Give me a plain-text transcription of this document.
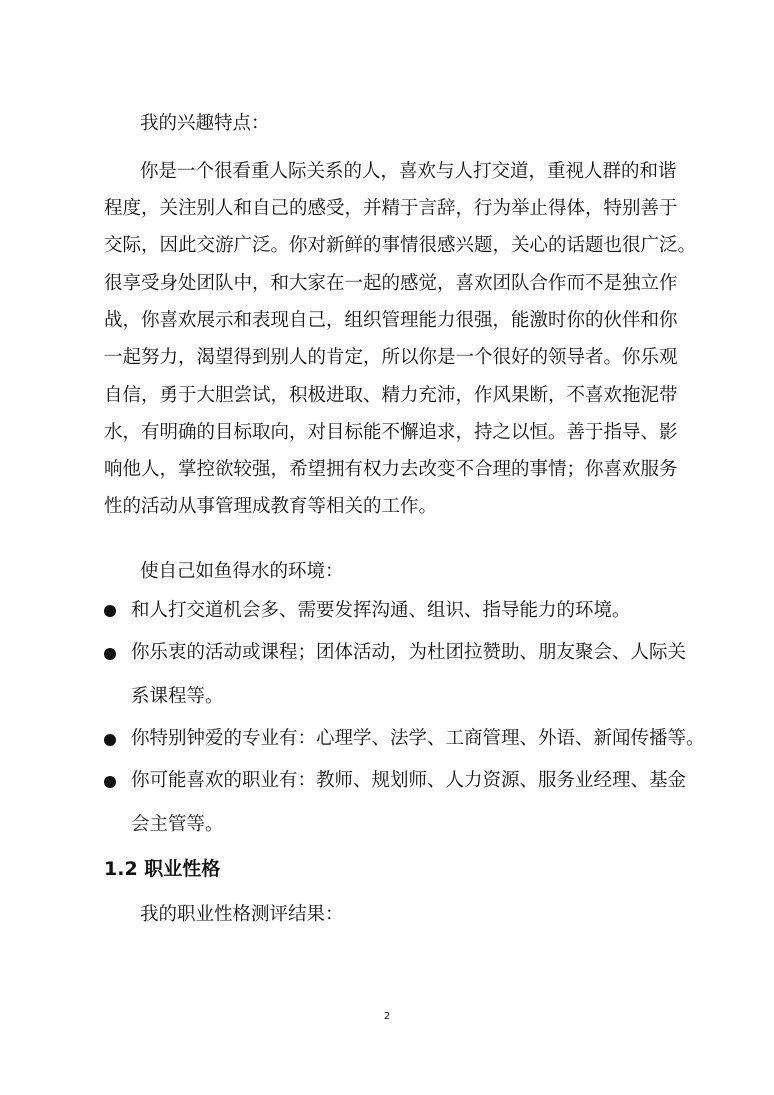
我的兴趣特点：
你是一个很看重人际关系的人，喜欢与人打交道，重视人群的和谐
程度，关注别人和自己的感受，并精于言辞，行为举止得体，特别善于
交际，因此交游广泛。你对新鲜的事情很感兴题，关心的话题也很广泛。
很享受身处团队中，和大家在一起的感觉，喜欢团队合作而不是独立作
战，你喜欢展示和表现自己，组织管理能力很强，能激时你的伙伴和你
一起努力，渴望得到别人的肯定，所以你是一个很好的领导者。你乐观
自信，勇于大胆尝试，积极进取、精力充沛，作风果断，不喜欢拖泥带
水，有明确的目标取向，对目标能不懈追求，持之以恒。善于指导、影
响他人，掌控欲较强，希望拥有权力去改变不合理的事情；你喜欢服务
性的活动从事管理成教育等相关的工作。
使自己如鱼得水的环境：
和人打交道机会多、需要发挥沟通、组识、指导能力的环境。
你乐衷的活动或课程；团体活动，为杜团拉赞助、朋友聚会、人际关
系课程等。
你特别钟爱的专业有：心理学、法学、工商管理、外语、新闻传播等。
你可能喜欢的职业有：教师、规划师、人力资源、服务业经理、基金
会主管等。
1.2 职业性格
我的职业性格测评结果：
2
